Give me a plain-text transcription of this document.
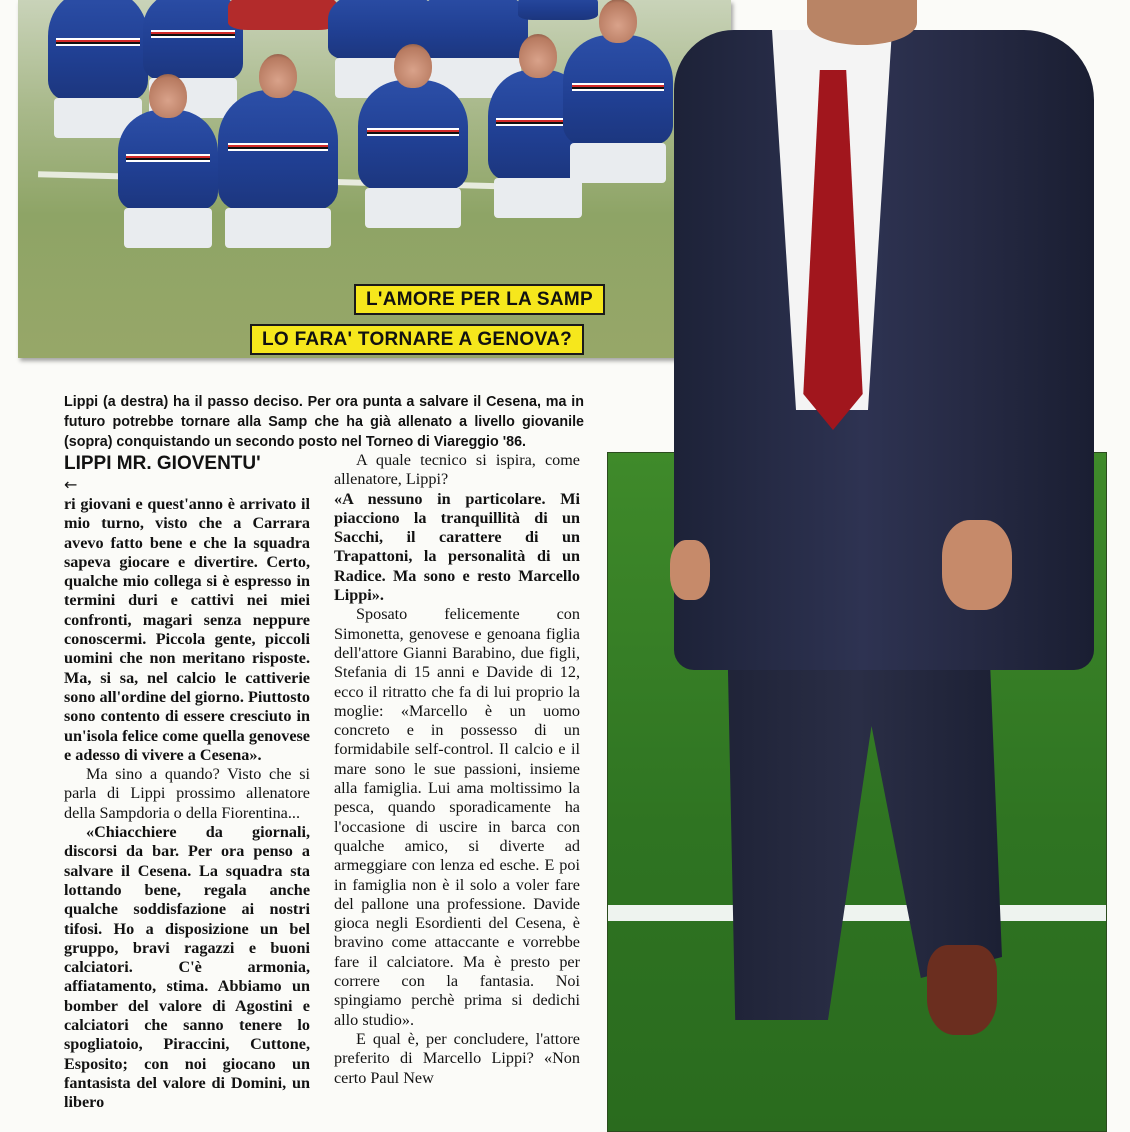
L'AMORE PER LA SAMP
LO FARA' TORNARE A GENOVA?

Lippi (a destra) ha il passo deciso. Per ora punta a salvare il Cesena, ma in futuro potrebbe tornare alla Samp che ha già allenato a livello giovanile (sopra) conquistando un secondo posto nel Torneo di Viareggio '86.

LIPPI MR. GIOVENTU'
←

ri giovani e quest'anno è arrivato il mio turno, visto che a Carrara avevo fatto bene e che la squadra sapeva giocare e divertire. Certo, qualche mio collega si è espresso in termini duri e cattivi nei miei confronti, magari senza neppure conoscermi. Piccola gente, piccoli uomini che non meritano risposte. Ma, si sa, nel calcio le cattiverie sono all'ordine del giorno. Piuttosto sono contento di essere cresciuto in un'isola felice come quella genovese e adesso di vivere a Cesena».

Ma sino a quando? Visto che si parla di Lippi prossimo allenatore della Sampdoria o della Fiorentina...

«Chiacchiere da giornali, discorsi da bar. Per ora penso a salvare il Cesena. La squadra sta lottando bene, regala anche qualche soddisfazione ai nostri tifosi. Ho a disposizione un bel gruppo, bravi ragazzi e buoni calciatori. C'è armonia, affiatamento, stima. Abbiamo un bomber del valore di Agostini e calciatori che sanno tenere lo spogliatoio, Piraccini, Cuttone, Esposito; con noi giocano un fantasista del valore di Domini, un libero

A quale tecnico si ispira, come allenatore, Lippi?

«A nessuno in particolare. Mi piacciono la tranquillità di un Sacchi, il carattere di un Trapattoni, la personalità di un Radice. Ma sono e resto Marcello Lippi».

Sposato felicemente con Simonetta, genovese e genoana figlia dell'attore Gianni Barabino, due figli, Stefania di 15 anni e Davide di 12, ecco il ritratto che fa di lui proprio la moglie: «Marcello è un uomo concreto e in possesso di un formidabile self-control. Il calcio e il mare sono le sue passioni, insieme alla famiglia. Lui ama moltissimo la pesca, quando sporadicamente ha l'occasione di uscire in barca con qualche amico, si diverte ad armeggiare con lenza ed esche. E poi in famiglia non è il solo a voler fare del pallone una professione. Davide gioca negli Esordienti del Cesena, è bravino come attaccante e vorrebbe fare il calciatore. Ma è presto per correre con la fantasia. Noi spingiamo perchè prima si dedichi allo studio».

E qual è, per concludere, l'attore preferito di Marcello Lippi? «Non certo Paul New
